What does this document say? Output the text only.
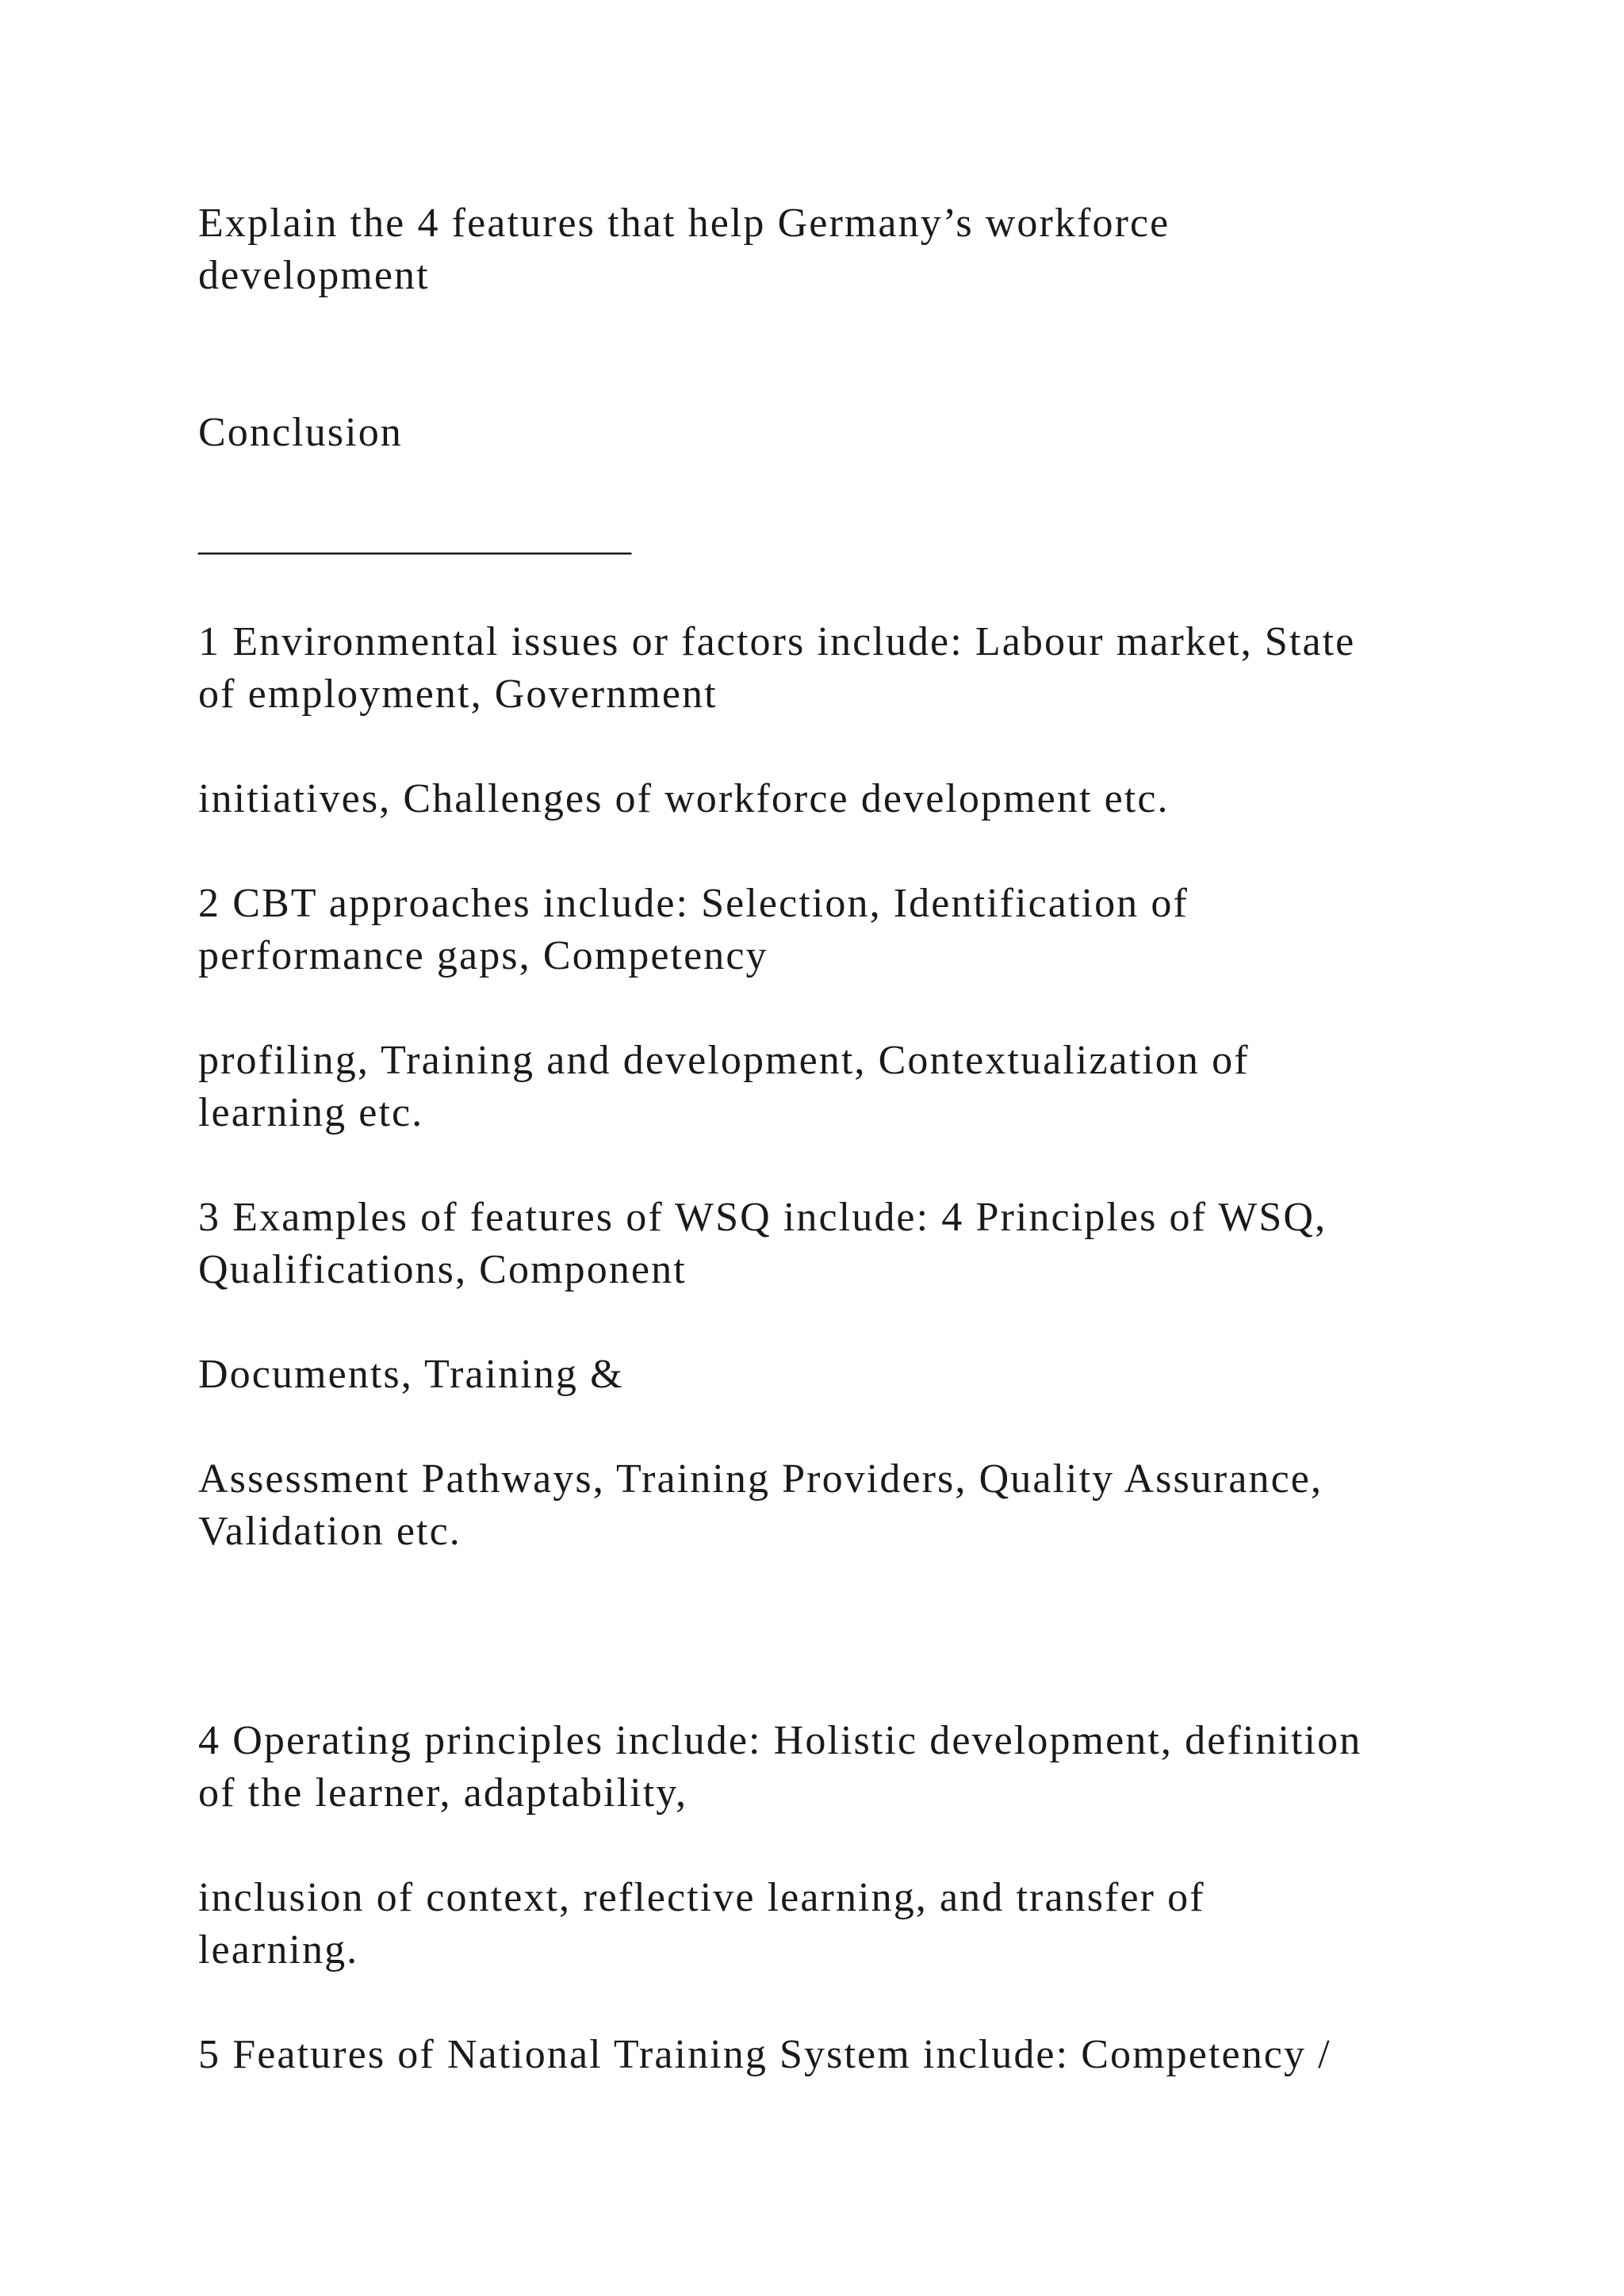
Explain the 4 features that help Germany’s workforce

development

Conclusion

_____________________

1 Environmental issues or factors include: Labour market, State

of employment, Government

initiatives, Challenges of workforce development etc.

2 CBT approaches include: Selection, Identification of

performance gaps, Competency

profiling, Training and development, Contextualization of

learning etc.

3 Examples of features of WSQ include: 4 Principles of WSQ,

Qualifications, Component

Documents, Training &

Assessment Pathways, Training Providers, Quality Assurance,

Validation etc.

4 Operating principles include: Holistic development, definition

of the learner, adaptability,

inclusion of context, reflective learning, and transfer of

learning.

5 Features of National Training System include: Competency /
